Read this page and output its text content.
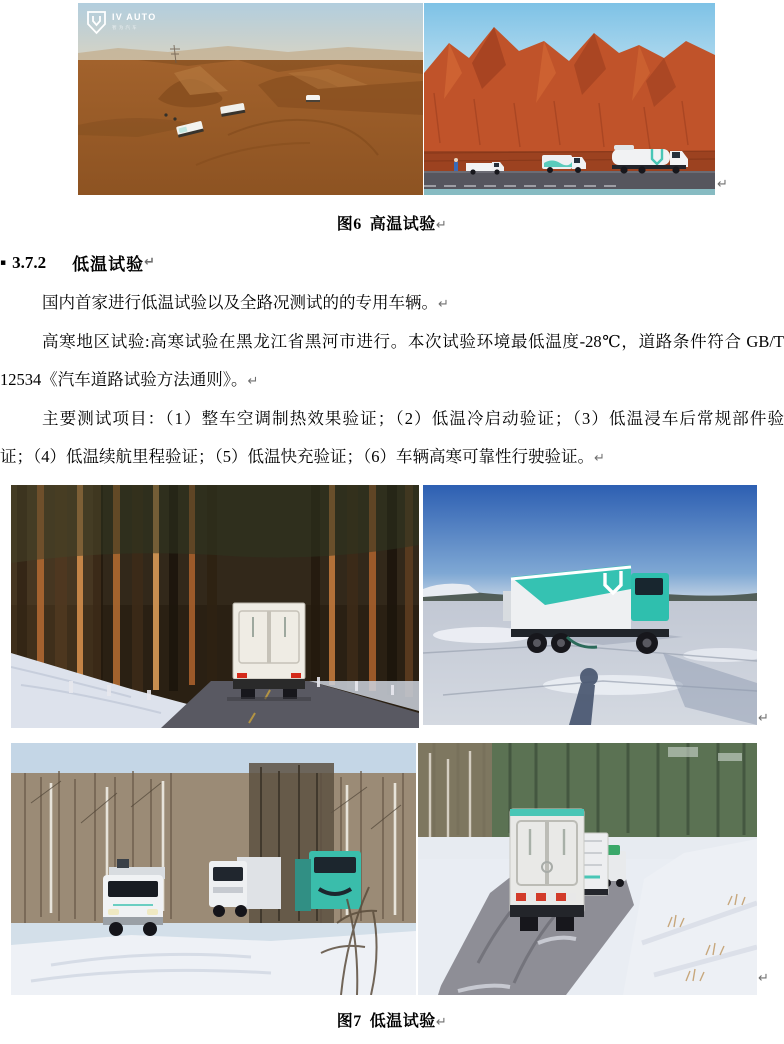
IV AUTO
智为汽车
↵
图6 高温试验↵
▪ 3.7.2 低温试验 ↵
国内首家进行低温试验以及全路况测试的的专用车辆。↵
高寒地区试验:高寒试验在黑龙江省黑河市进行。本次试验环境最低温度-28℃，道路条件符合 GB/T
12534《汽车道路试验方法通则》。↵
主要测试项目：（1）整车空调制热效果验证；（2）低温冷启动验证；（3）低温浸车后常规部件验
证；（4）低温续航里程验证；（5）低温快充验证；（6）车辆高寒可靠性行驶验证。↵
↵
↵
图7 低温试验↵
